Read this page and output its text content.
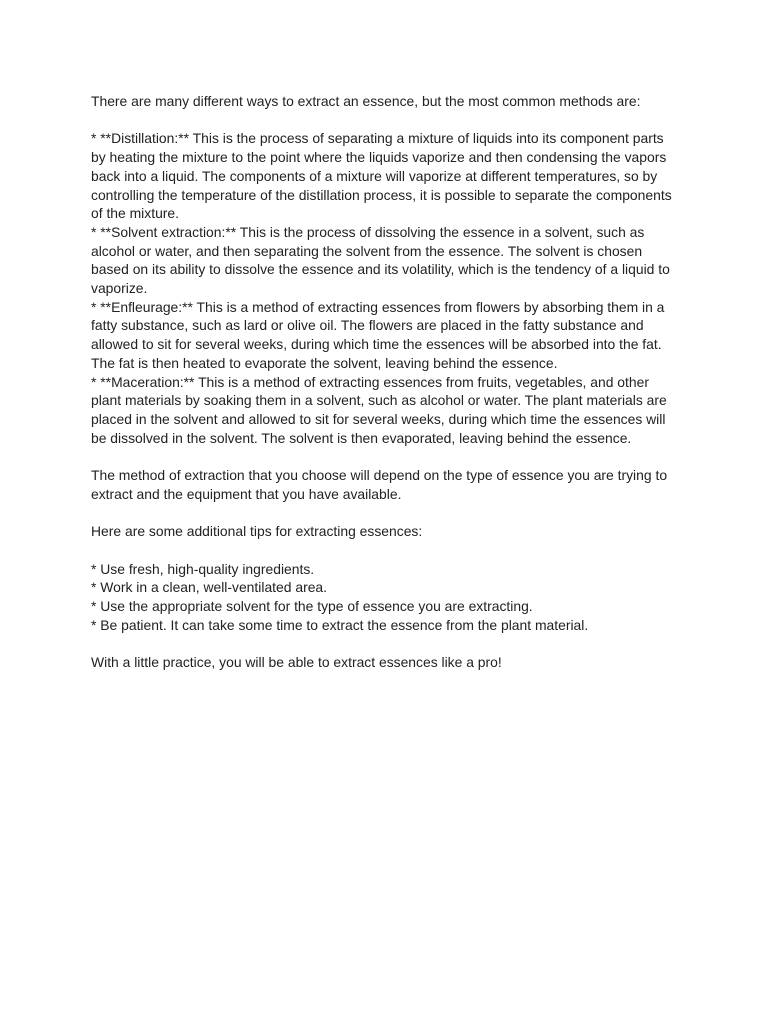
There are many different ways to extract an essence, but the most common methods are:

* **Distillation:** This is the process of separating a mixture of liquids into its component parts by heating the mixture to the point where the liquids vaporize and then condensing the vapors back into a liquid. The components of a mixture will vaporize at different temperatures, so by controlling the temperature of the distillation process, it is possible to separate the components of the mixture.
* **Solvent extraction:** This is the process of dissolving the essence in a solvent, such as alcohol or water, and then separating the solvent from the essence. The solvent is chosen based on its ability to dissolve the essence and its volatility, which is the tendency of a liquid to vaporize.
* **Enfleurage:** This is a method of extracting essences from flowers by absorbing them in a fatty substance, such as lard or olive oil. The flowers are placed in the fatty substance and allowed to sit for several weeks, during which time the essences will be absorbed into the fat. The fat is then heated to evaporate the solvent, leaving behind the essence.
* **Maceration:** This is a method of extracting essences from fruits, vegetables, and other plant materials by soaking them in a solvent, such as alcohol or water. The plant materials are placed in the solvent and allowed to sit for several weeks, during which time the essences will be dissolved in the solvent. The solvent is then evaporated, leaving behind the essence.

The method of extraction that you choose will depend on the type of essence you are trying to extract and the equipment that you have available.

Here are some additional tips for extracting essences:

* Use fresh, high-quality ingredients.
* Work in a clean, well-ventilated area.
* Use the appropriate solvent for the type of essence you are extracting.
* Be patient. It can take some time to extract the essence from the plant material.

With a little practice, you will be able to extract essences like a pro!
